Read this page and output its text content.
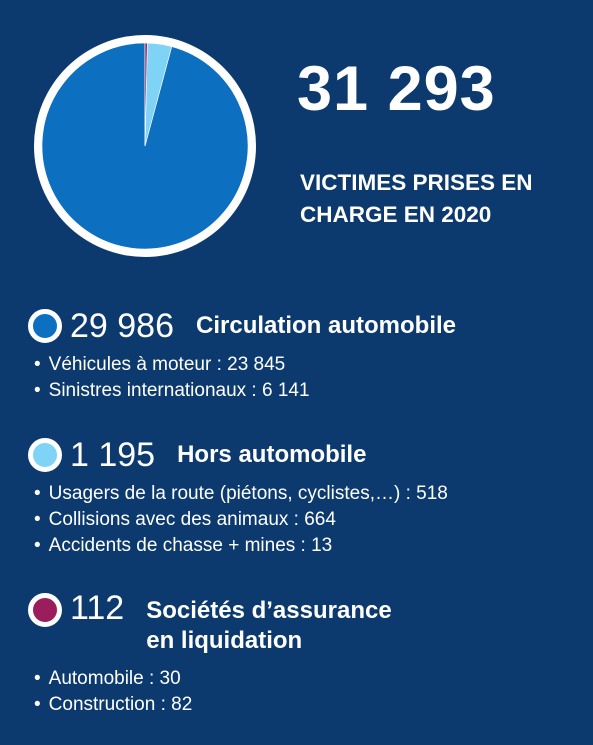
31 293
VICTIMES PRISES EN CHARGE EN 2020
29 986 Circulation automobile
• Véhicules à moteur : 23 845
• Sinistres internationaux : 6 141
1 195 Hors automobile
• Usagers de la route (piétons, cyclistes,…) : 518
• Collisions avec des animaux : 664
• Accidents de chasse + mines : 13
112 Sociétés d’assurance en liquidation
• Automobile : 30
• Construction : 82
